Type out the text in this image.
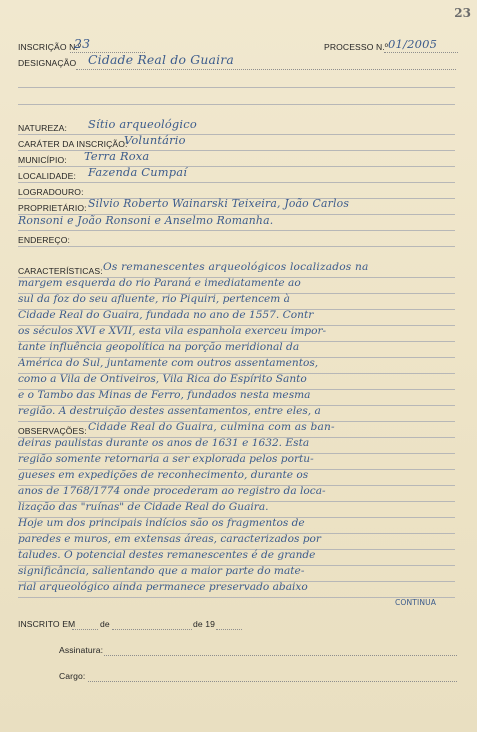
23
INSCRIÇÃO N.º
23	PROCESSO N.º 01/2005
DESIGNAÇÃO Cidade Real do Guaira
NATUREZA: Sítio arqueológico
CARÁTER DA INSCRIÇÃO:
Voluntário
MUNICÍPIO: Terra Roxa
LOCALIDADE: Fazenda Cumpaí
LOGRADOURO:
PROPRIETÁRIO: Silvio Roberto Wainarski Teixeira, João Carlos
Ronsoni e João Ronsoni e Anselmo Romanha.
ENDEREÇO:
CARACTERÍSTICAS: Os remanescentes arqueológicos localizados na
margem esquerda do rio Paraná e imediatamente ao
sul da foz do seu afluente, rio Piquiri, pertencem à
Cidade Real do Guaira, fundada no ano de 1557. Contr
os séculos XVI e XVII, esta vila espanhola exerceu impor-
tante influência geopolítica na porção meridional da
América do Sul, juntamente com outros assentamentos,
como a Vila de Ontiveiros, Vila Rica do Espírito Santo
e o Tambo das Minas de Ferro, fundados nesta mesma
região. A destruição destes assentamentos, entre eles, a
OBSERVAÇÕES: Cidade Real do Guaira, culmina com as ban-
deiras paulistas durante os anos de 1631 e 1632. Esta
região somente retornaria a ser explorada pelos portu-
gueses em expedições de reconhecimento, durante os
anos de 1768/1774 onde procederam ao registro da loca-
lização das "ruínas" de Cidade Real do Guaira.
Hoje um dos principais indícios são os fragmentos de
paredes e muros, em extensas áreas, caracterizados por
taludes. O potencial destes remanescentes é de grande
significância, salientando que a maior parte do mate-
rial arqueológico ainda permanece preservado abaixo
CONTINUA
INSCRITO EM	de	de 19
Assinatura:
Cargo:
